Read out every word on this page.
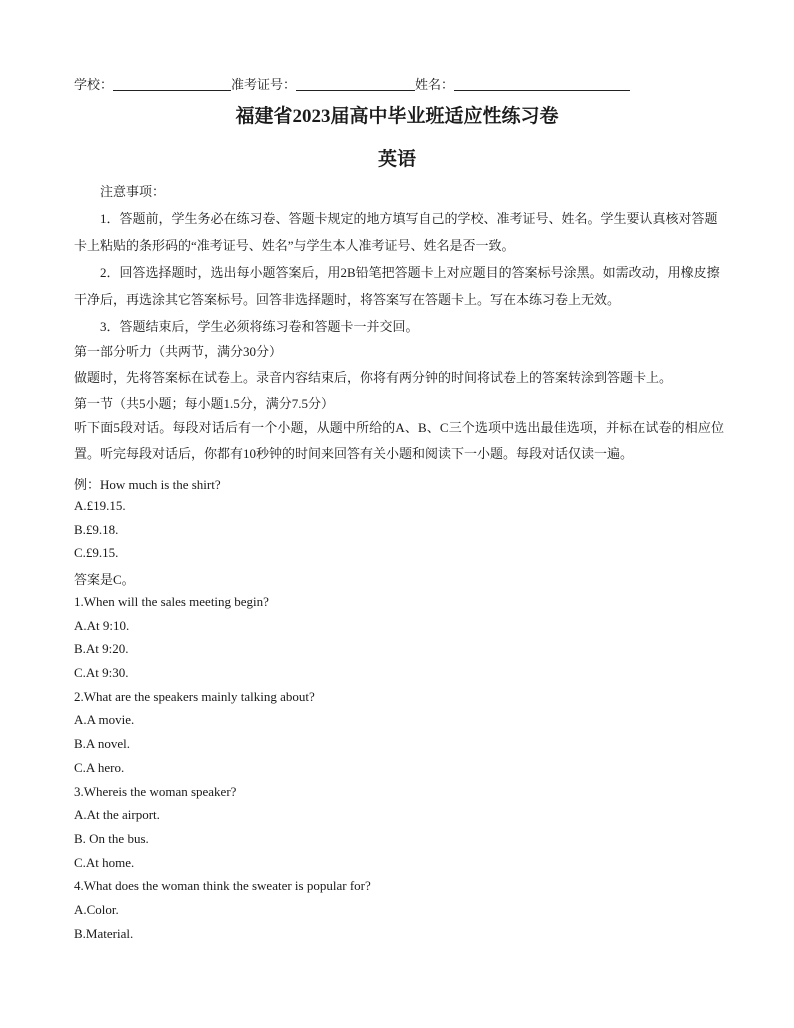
学校：	准考证号：	姓名：
福建省2023届高中毕业班适应性练习卷
英语
注意事项：
1．答题前，学生务必在练习卷、答题卡规定的地方填写自己的学校、准考证号、姓名。学生要认真核对答题卡上粘贴的条形码的“准考证号、姓名”与学生本人准考证号、姓名是否一致。
2．回答选择题时，选出每小题答案后，用2B铅笔把答题卡上对应题目的答案标号涂黑。如需改动，用橡皮擦干净后，再选涂其它答案标号。回答非选择题时，将答案写在答题卡上。写在本练习卷上无效。
3．答题结束后，学生必须将练习卷和答题卡一并交回。
第一部分听力（共两节，满分30分）
做题时，先将答案标在试卷上。录音内容结束后，你将有两分钟的时间将试卷上的答案转涂到答题卡上。
第一节（共5小题；每小题1.5分，满分7.5分）
听下面5段对话。每段对话后有一个小题，从题中所给的A、B、C三个选项中选出最佳选项，并标在试卷的相应位置。听完每段对话后，你都有10秒钟的时间来回答有关小题和阅读下一小题。每段对话仅读一遍。
例：How much is the shirt?
A.£19.15.
B.£9.18.
C.£9.15.
答案是C。
1.When will the sales meeting begin?
A.At 9:10.
B.At 9:20.
C.At 9:30.
2.What are the speakers mainly talking about?
A.A movie.
B.A novel.
C.A hero.
3.Whereis the woman speaker?
A.At the airport.
B. On the bus.
C.At home.
4.What does the woman think the sweater is popular for?
A.Color.
B.Material.
